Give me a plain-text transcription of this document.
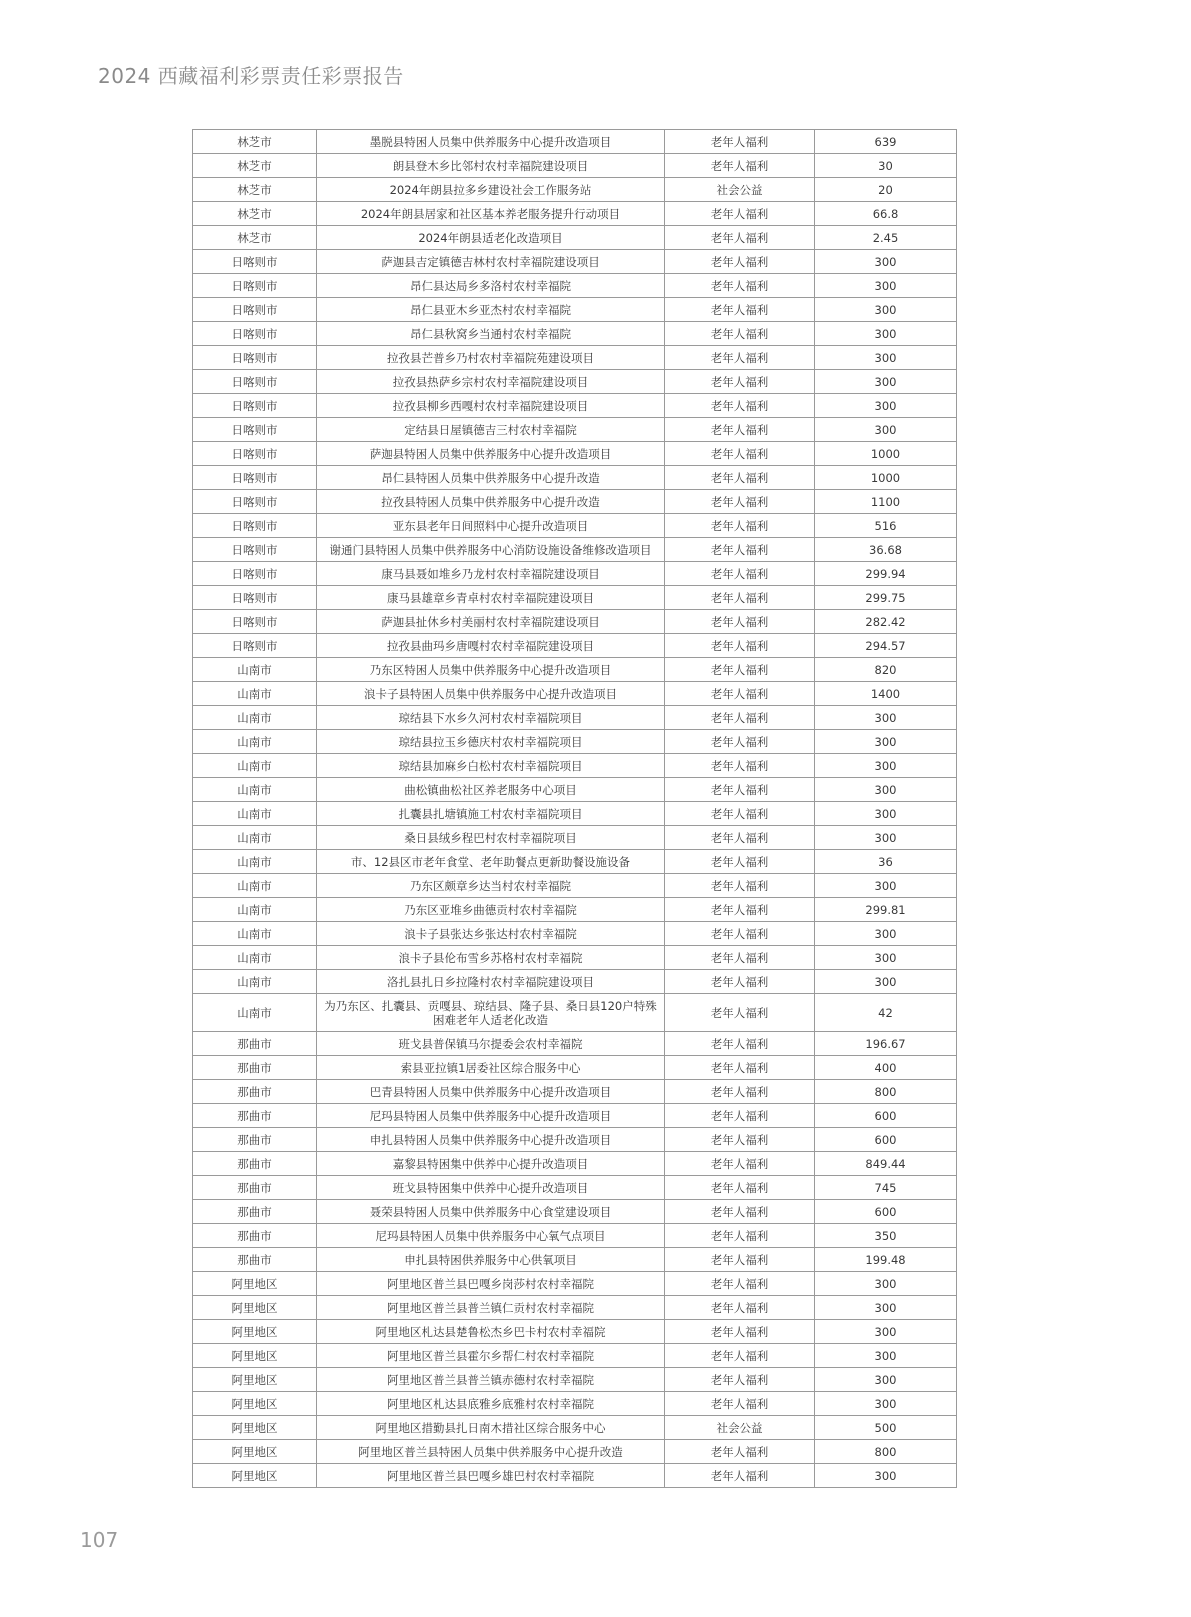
2024 西藏福利彩票责任彩票报告
林芝市	墨脱县特困人员集中供养服务中心提升改造项目	老年人福利	639
林芝市	朗县登木乡比邻村农村幸福院建设项目	老年人福利	30
林芝市	2024年朗县拉多乡建设社会工作服务站	社会公益	20
林芝市	2024年朗县居家和社区基本养老服务提升行动项目	老年人福利	66.8
林芝市	2024年朗县适老化改造项目	老年人福利	2.45
日喀则市	萨迦县吉定镇德吉林村农村幸福院建设项目	老年人福利	300
日喀则市	昂仁县达局乡多洛村农村幸福院	老年人福利	300
日喀则市	昂仁县亚木乡亚杰村农村幸福院	老年人福利	300
日喀则市	昂仁县秋窝乡当通村农村幸福院	老年人福利	300
日喀则市	拉孜县芒普乡乃村农村幸福院苑建设项目	老年人福利	300
日喀则市	拉孜县热萨乡宗村农村幸福院建设项目	老年人福利	300
日喀则市	拉孜县柳乡西嘎村农村幸福院建设项目	老年人福利	300
日喀则市	定结县日屋镇德吉三村农村幸福院	老年人福利	300
日喀则市	萨迦县特困人员集中供养服务中心提升改造项目	老年人福利	1000
日喀则市	昂仁县特困人员集中供养服务中心提升改造	老年人福利	1000
日喀则市	拉孜县特困人员集中供养服务中心提升改造	老年人福利	1100
日喀则市	亚东县老年日间照料中心提升改造项目	老年人福利	516
日喀则市	谢通门县特困人员集中供养服务中心消防设施设备维修改造项目	老年人福利	36.68
日喀则市	康马县聂如堆乡乃龙村农村幸福院建设项目	老年人福利	299.94
日喀则市	康马县雄章乡青卓村农村幸福院建设项目	老年人福利	299.75
日喀则市	萨迦县扯休乡村美丽村农村幸福院建设项目	老年人福利	282.42
日喀则市	拉孜县曲玛乡唐嘎村农村幸福院建设项目	老年人福利	294.57
山南市	乃东区特困人员集中供养服务中心提升改造项目	老年人福利	820
山南市	浪卡子县特困人员集中供养服务中心提升改造项目	老年人福利	1400
山南市	琼结县下水乡久河村农村幸福院项目	老年人福利	300
山南市	琼结县拉玉乡德庆村农村幸福院项目	老年人福利	300
山南市	琼结县加麻乡白松村农村幸福院项目	老年人福利	300
山南市	曲松镇曲松社区养老服务中心项目	老年人福利	300
山南市	扎囊县扎塘镇施工村农村幸福院项目	老年人福利	300
山南市	桑日县绒乡程巴村农村幸福院项目	老年人福利	300
山南市	市、12县区市老年食堂、老年助餐点更新助餐设施设备	老年人福利	36
山南市	乃东区颇章乡达当村农村幸福院	老年人福利	300
山南市	乃东区亚堆乡曲德贡村农村幸福院	老年人福利	299.81
山南市	浪卡子县张达乡张达村农村幸福院	老年人福利	300
山南市	浪卡子县伦布雪乡苏格村农村幸福院	老年人福利	300
山南市	洛扎县扎日乡拉隆村农村幸福院建设项目	老年人福利	300
山南市	为乃东区、扎囊县、贡嘎县、琼结县、隆子县、桑日县120户特殊困难老年人适老化改造	老年人福利	42
那曲市	班戈县普保镇马尔提委会农村幸福院	老年人福利	196.67
那曲市	索县亚拉镇1居委社区综合服务中心	老年人福利	400
那曲市	巴青县特困人员集中供养服务中心提升改造项目	老年人福利	800
那曲市	尼玛县特困人员集中供养服务中心提升改造项目	老年人福利	600
那曲市	申扎县特困人员集中供养服务中心提升改造项目	老年人福利	600
那曲市	嘉黎县特困集中供养中心提升改造项目	老年人福利	849.44
那曲市	班戈县特困集中供养中心提升改造项目	老年人福利	745
那曲市	聂荣县特困人员集中供养服务中心食堂建设项目	老年人福利	600
那曲市	尼玛县特困人员集中供养服务中心氧气点项目	老年人福利	350
那曲市	申扎县特困供养服务中心供氧项目	老年人福利	199.48
阿里地区	阿里地区普兰县巴嘎乡岗莎村农村幸福院	老年人福利	300
阿里地区	阿里地区普兰县普兰镇仁贡村农村幸福院	老年人福利	300
阿里地区	阿里地区札达县楚鲁松杰乡巴卡村农村幸福院	老年人福利	300
阿里地区	阿里地区普兰县霍尔乡帮仁村农村幸福院	老年人福利	300
阿里地区	阿里地区普兰县普兰镇赤德村农村幸福院	老年人福利	300
阿里地区	阿里地区札达县底雅乡底雅村农村幸福院	老年人福利	300
阿里地区	阿里地区措勤县扎日南木措社区综合服务中心	社会公益	500
阿里地区	阿里地区普兰县特困人员集中供养服务中心提升改造	老年人福利	800
阿里地区	阿里地区普兰县巴嘎乡雄巴村农村幸福院	老年人福利	300
107
